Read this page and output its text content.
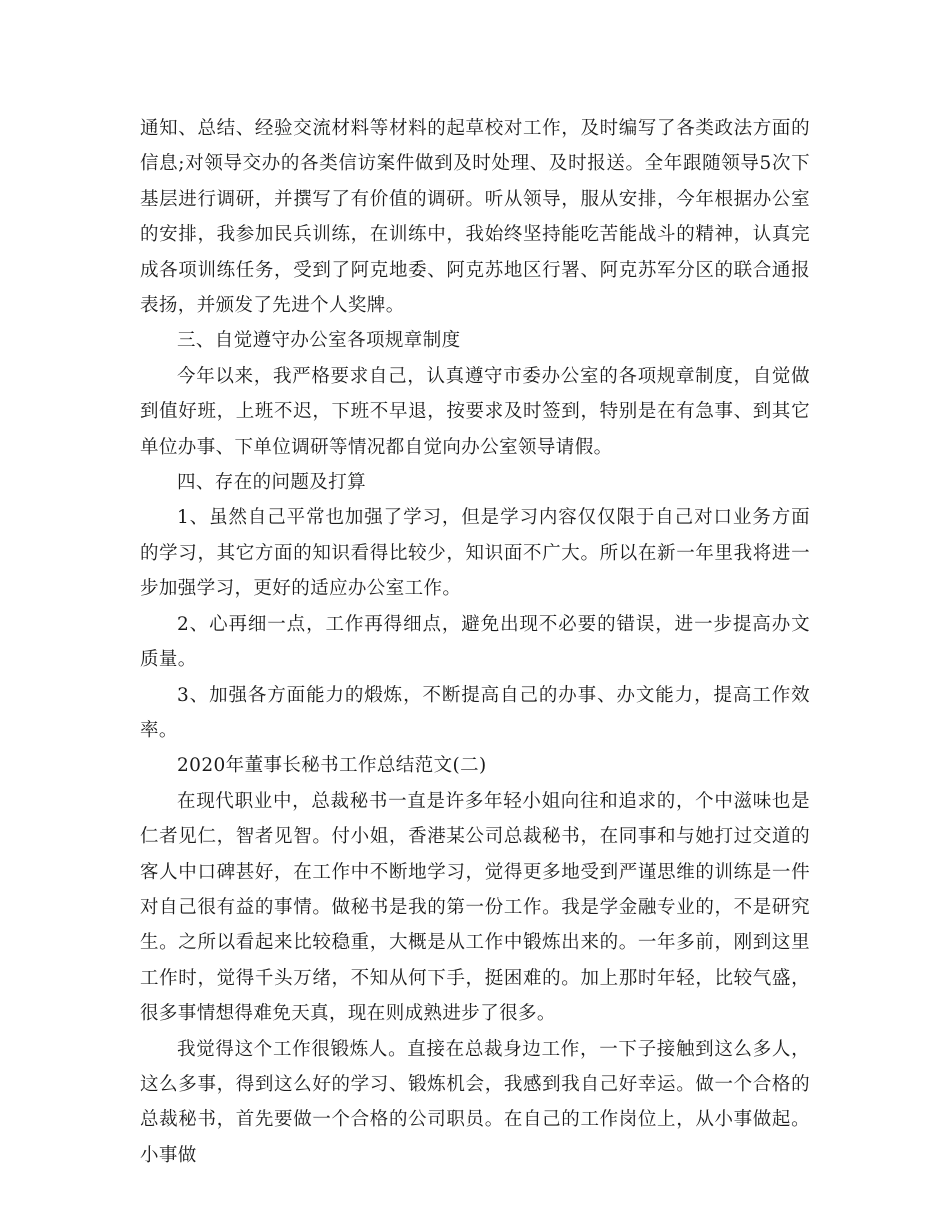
通知、总结、经验交流材料等材料的起草校对工作，及时编写了各类政法方面的信息;对领导交办的各类信访案件做到及时处理、及时报送。全年跟随领导5次下基层进行调研，并撰写了有价值的调研。听从领导，服从安排，今年根据办公室的安排，我参加民兵训练，在训练中，我始终坚持能吃苦能战斗的精神，认真完成各项训练任务，受到了阿克地委、阿克苏地区行署、阿克苏军分区的联合通报表扬，并颁发了先进个人奖牌。

三、自觉遵守办公室各项规章制度

今年以来，我严格要求自己，认真遵守市委办公室的各项规章制度，自觉做到值好班，上班不迟，下班不早退，按要求及时签到，特别是在有急事、到其它单位办事、下单位调研等情况都自觉向办公室领导请假。

四、存在的问题及打算

1、虽然自己平常也加强了学习，但是学习内容仅仅限于自己对口业务方面的学习，其它方面的知识看得比较少，知识面不广大。所以在新一年里我将进一步加强学习，更好的适应办公室工作。

2、心再细一点，工作再得细点，避免出现不必要的错误，进一步提高办文质量。

3、加强各方面能力的煅炼，不断提高自己的办事、办文能力，提高工作效率。

2020年董事长秘书工作总结范文(二)

在现代职业中，总裁秘书一直是许多年轻小姐向往和追求的，个中滋味也是仁者见仁，智者见智。付小姐，香港某公司总裁秘书，在同事和与她打过交道的客人中口碑甚好，在工作中不断地学习，觉得更多地受到严谨思维的训练是一件对自己很有益的事情。做秘书是我的第一份工作。我是学金融专业的，不是研究生。之所以看起来比较稳重，大概是从工作中锻炼出来的。一年多前，刚到这里工作时，觉得千头万绪，不知从何下手，挺困难的。加上那时年轻，比较气盛，很多事情想得难免天真，现在则成熟进步了很多。

我觉得这个工作很锻炼人。直接在总裁身边工作，一下子接触到这么多人，这么多事，得到这么好的学习、锻炼机会，我感到我自己好幸运。做一个合格的总裁秘书，首先要做一个合格的公司职员。在自己的工作岗位上，从小事做起。小事做
